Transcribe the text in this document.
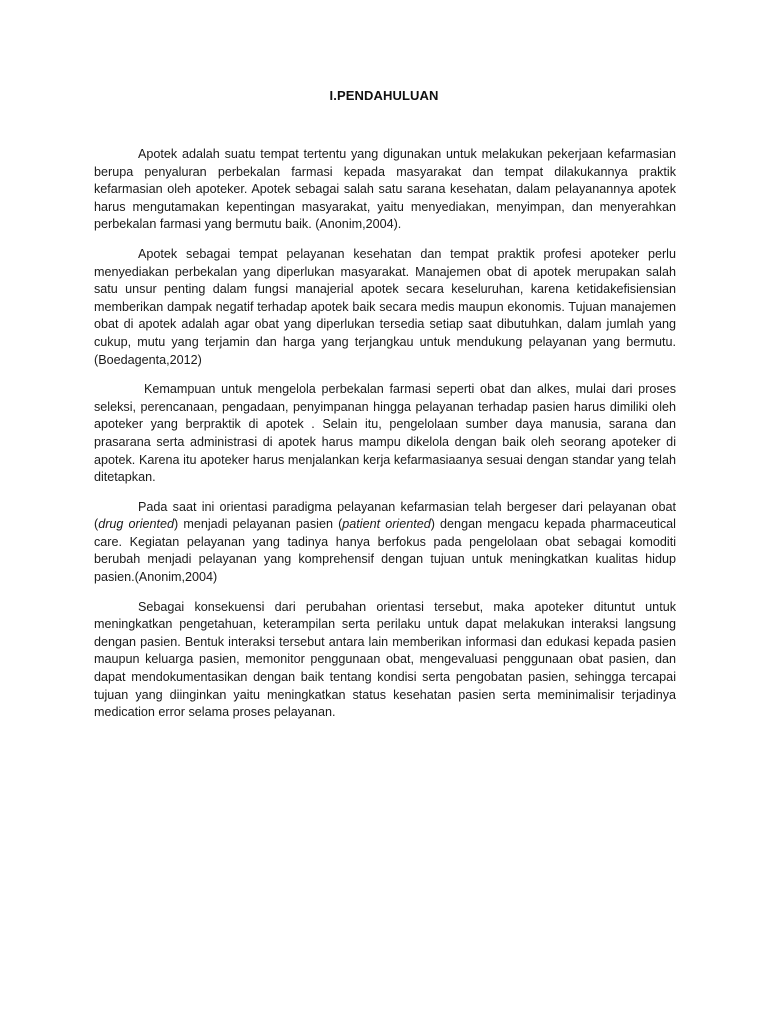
I.PENDAHULUAN

Apotek adalah suatu tempat tertentu yang digunakan untuk melakukan pekerjaan kefarmasian berupa penyaluran perbekalan farmasi kepada masyarakat dan tempat dilakukannya praktik kefarmasian oleh apoteker. Apotek sebagai salah satu sarana kesehatan, dalam pelayanannya apotek harus mengutamakan kepentingan masyarakat, yaitu menyediakan, menyimpan, dan menyerahkan perbekalan farmasi yang bermutu baik. (Anonim,2004).

Apotek sebagai tempat pelayanan kesehatan dan tempat praktik profesi apoteker perlu menyediakan perbekalan yang diperlukan masyarakat. Manajemen obat di apotek merupakan salah satu unsur penting dalam fungsi manajerial apotek secara keseluruhan, karena ketidakefisiensian memberikan dampak negatif terhadap apotek baik secara medis maupun ekonomis. Tujuan manajemen obat di apotek adalah agar obat yang diperlukan tersedia setiap saat dibutuhkan, dalam jumlah yang cukup, mutu yang terjamin dan harga yang terjangkau untuk mendukung pelayanan yang bermutu.(Boedagenta,2012)

Kemampuan untuk mengelola perbekalan farmasi seperti obat dan alkes, mulai dari proses seleksi, perencanaan, pengadaan, penyimpanan hingga pelayanan terhadap pasien harus dimiliki oleh apoteker yang berpraktik di apotek . Selain itu, pengelolaan sumber daya manusia, sarana dan prasarana serta administrasi di apotek harus mampu dikelola dengan baik oleh seorang apoteker di apotek. Karena itu apoteker harus menjalankan kerja kefarmasiaanya sesuai dengan standar yang telah ditetapkan.

Pada saat ini orientasi paradigma pelayanan kefarmasian telah bergeser dari pelayanan obat (drug oriented) menjadi pelayanan pasien (patient oriented) dengan mengacu kepada pharmaceutical care. Kegiatan pelayanan yang tadinya hanya berfokus pada pengelolaan obat sebagai komoditi berubah menjadi pelayanan yang komprehensif dengan tujuan untuk meningkatkan kualitas hidup pasien.(Anonim,2004)

Sebagai konsekuensi dari perubahan orientasi tersebut, maka apoteker dituntut untuk meningkatkan pengetahuan, keterampilan serta perilaku untuk dapat melakukan interaksi langsung dengan pasien. Bentuk interaksi tersebut antara lain memberikan informasi dan edukasi kepada pasien maupun keluarga pasien, memonitor penggunaan obat, mengevaluasi penggunaan obat pasien, dan dapat mendokumentasikan dengan baik tentang kondisi serta pengobatan pasien, sehingga tercapai tujuan yang diinginkan yaitu meningkatkan status kesehatan pasien serta meminimalisir terjadinya medication error selama proses pelayanan.
